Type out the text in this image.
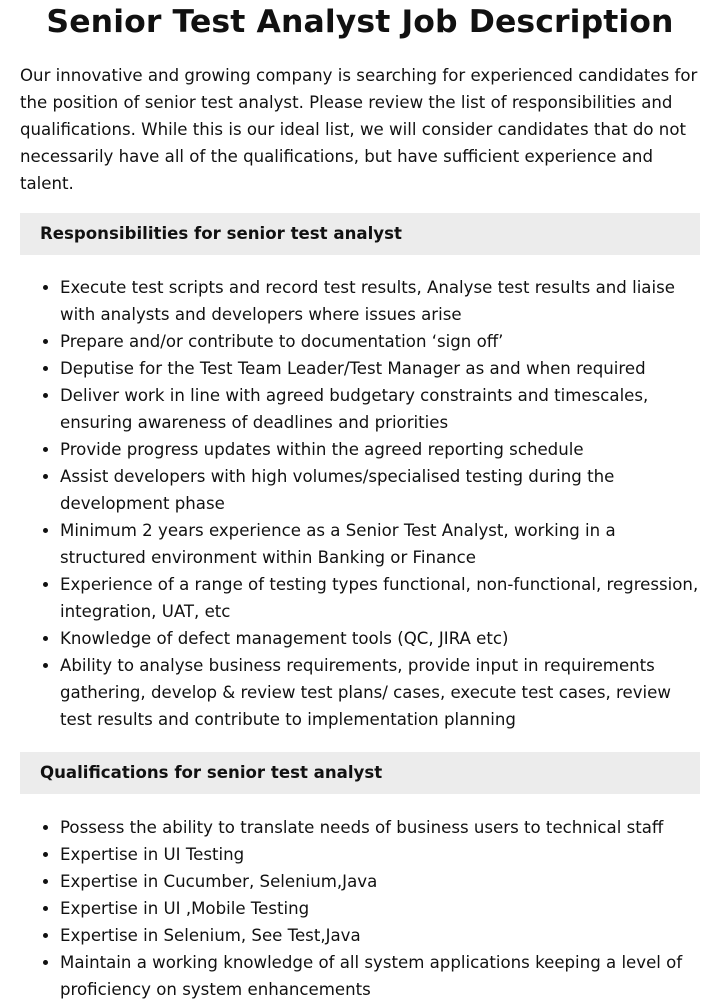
Senior Test Analyst Job Description

Our innovative and growing company is searching for experienced candidates for the position of senior test analyst. Please review the list of responsibilities and qualifications. While this is our ideal list, we will consider candidates that do not necessarily have all of the qualifications, but have sufficient experience and talent.

Responsibilities for senior test analyst
• Execute test scripts and record test results, Analyse test results and liaise with analysts and developers where issues arise
• Prepare and/or contribute to documentation ‘sign off’
• Deputise for the Test Team Leader/Test Manager as and when required
• Deliver work in line with agreed budgetary constraints and timescales, ensuring awareness of deadlines and priorities
• Provide progress updates within the agreed reporting schedule
• Assist developers with high volumes/specialised testing during the development phase
• Minimum 2 years experience as a Senior Test Analyst, working in a structured environment within Banking or Finance
• Experience of a range of testing types functional, non-functional, regression, integration, UAT, etc
• Knowledge of defect management tools (QC, JIRA etc)
• Ability to analyse business requirements, provide input in requirements gathering, develop & review test plans/ cases, execute test cases, review test results and contribute to implementation planning
Qualifications for senior test analyst
• Possess the ability to translate needs of business users to technical staff
• Expertise in UI Testing
• Expertise in Cucumber, Selenium,Java
• Expertise in UI ,Mobile Testing
• Expertise in Selenium, See Test,Java
• Maintain a working knowledge of all system applications keeping a level of proficiency on system enhancements
